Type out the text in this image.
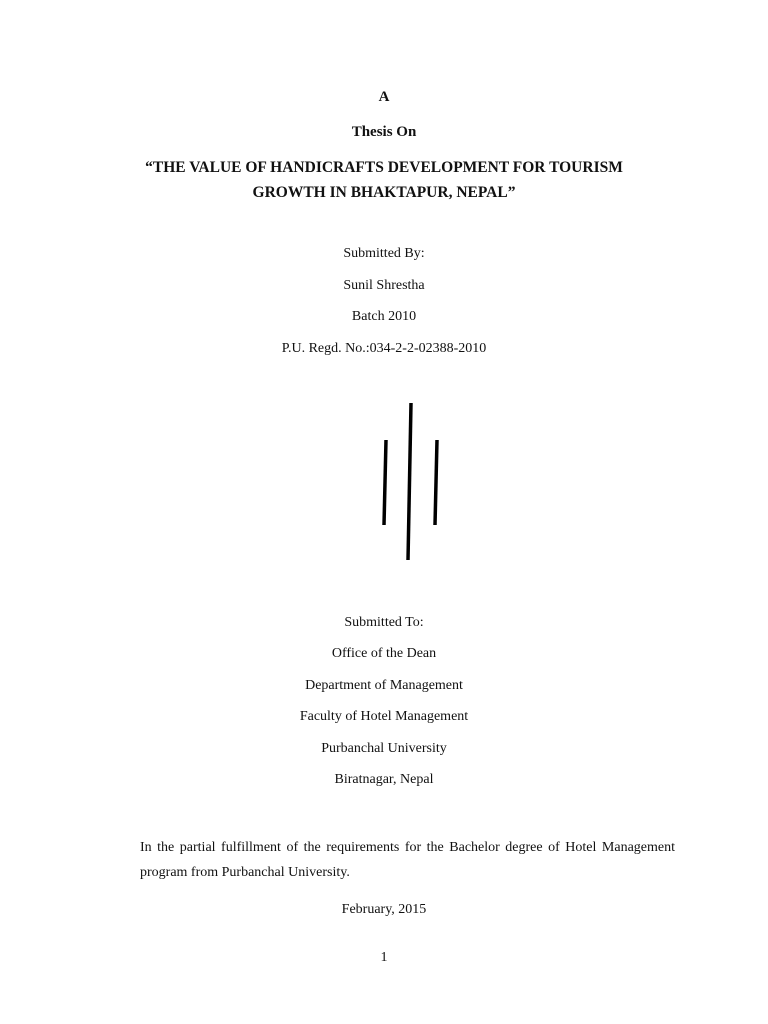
A
Thesis On
“THE VALUE OF HANDICRAFTS DEVELOPMENT FOR TOURISM
GROWTH IN BHAKTAPUR, NEPAL”
Submitted By:
Sunil Shrestha
Batch 2010
P.U. Regd. No.:034-2-2-02388-2010
Submitted To:
Office of the Dean
Department of Management
Faculty of Hotel Management
Purbanchal University
Biratnagar, Nepal
In the partial fulfillment of the requirements for the Bachelor degree of Hotel Management program from Purbanchal University.
February, 2015
1
